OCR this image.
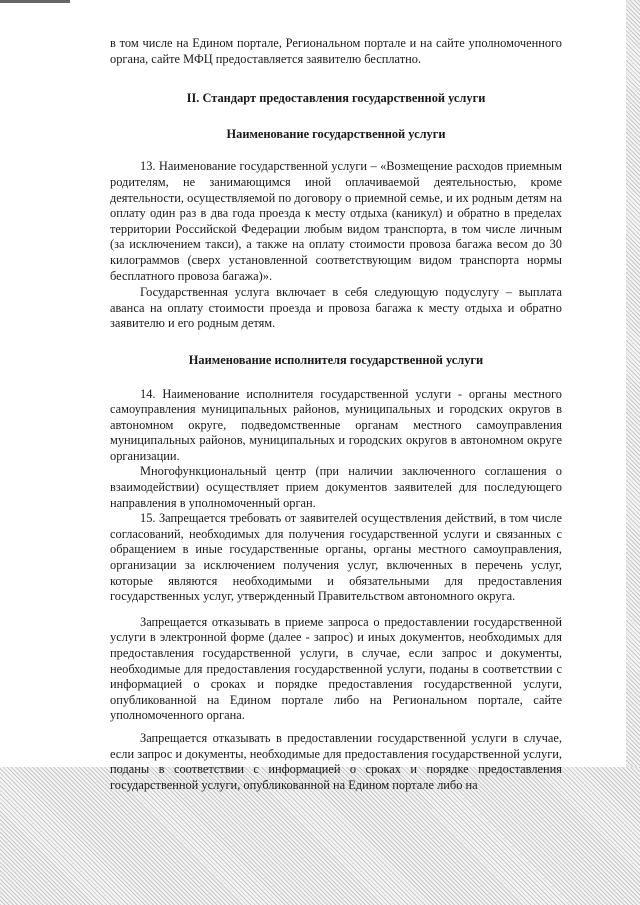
в том числе на Едином портале, Региональном портале и на сайте уполномоченного органа, сайте МФЦ предоставляется заявителю бесплатно.

II. Стандарт предоставления государственной услуги
Наименование государственной услуги

13. Наименование государственной услуги – «Возмещение расходов приемным родителям, не занимающимся иной оплачиваемой деятельностью, кроме деятельности, осуществляемой по договору о приемной семье, и их родным детям на оплату один раз в два года проезда к месту отдыха (каникул) и обратно в пределах территории Российской Федерации любым видом транспорта, в том числе личным (за исключением такси), а также на оплату стоимости провоза багажа весом до 30 килограммов (сверх установленной соответствующим видом транспорта нормы бесплатного провоза багажа)».

Государственная услуга включает в себя следующую подуслугу – выплата аванса на оплату стоимости проезда и провоза багажа к месту отдыха и обратно заявителю и его родным детям.

Наименование исполнителя государственной услуги

14. Наименование исполнителя государственной услуги - органы местного самоуправления муниципальных районов, муниципальных и городских округов в автономном округе, подведомственные органам местного самоуправления муниципальных районов, муниципальных и городских округов в автономном округе организации.

Многофункциональный центр (при наличии заключенного соглашения о взаимодействии) осуществляет прием документов заявителей для последующего направления в уполномоченный орган.

15. Запрещается требовать от заявителей осуществления действий, в том числе согласований, необходимых для получения государственной услуги и связанных с обращением в иные государственные органы, органы местного самоуправления, организации за исключением получения услуг, включенных в перечень услуг, которые являются необходимыми и обязательными для предоставления государственных услуг, утвержденный Правительством автономного округа.

Запрещается отказывать в приеме запроса о предоставлении государственной услуги в электронной форме (далее - запрос) и иных документов, необходимых для предоставления государственной услуги, в случае, если запрос и документы, необходимые для предоставления государственной услуги, поданы в соответствии с информацией о сроках и порядке предоставления государственной услуги, опубликованной на Едином портале либо на Региональном портале, сайте уполномоченного органа.

Запрещается отказывать в предоставлении государственной услуги в случае, если запрос и документы, необходимые для предоставления государственной услуги, поданы в соответствии с информацией о сроках и порядке предоставления государственной услуги, опубликованной на Едином портале либо на
